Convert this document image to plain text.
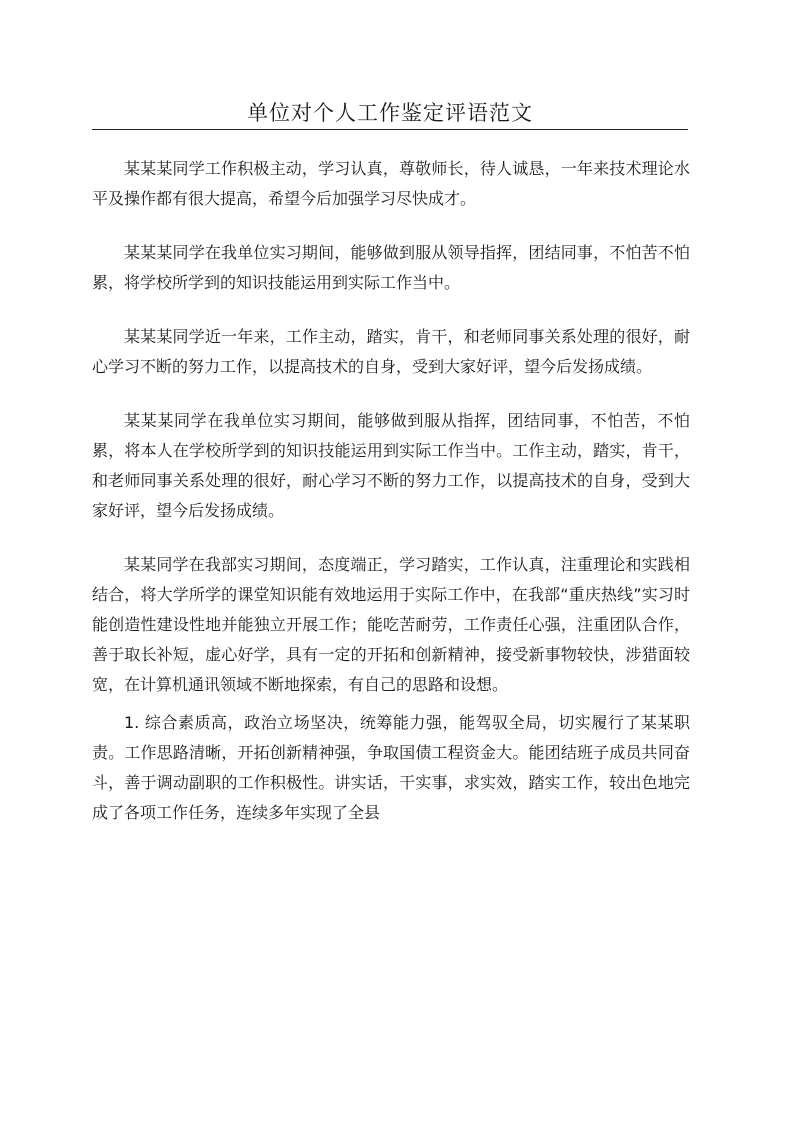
单位对个人工作鉴定评语范文

某某某同学工作积极主动，学习认真，尊敬师长，待人诚恳，一年来技术理论水平及操作都有很大提高，希望今后加强学习尽快成才。

某某某同学在我单位实习期间，能够做到服从领导指挥，团结同事，不怕苦不怕累，将学校所学到的知识技能运用到实际工作当中。

某某某同学近一年来，工作主动，踏实，肯干，和老师同事关系处理的很好，耐心学习不断的努力工作，以提高技术的自身，受到大家好评，望今后发扬成绩。

某某某同学在我单位实习期间，能够做到服从指挥，团结同事，不怕苦，不怕累，将本人在学校所学到的知识技能运用到实际工作当中。工作主动，踏实，肯干，和老师同事关系处理的很好，耐心学习不断的努力工作，以提高技术的自身，受到大家好评，望今后发扬成绩。

某某同学在我部实习期间，态度端正，学习踏实，工作认真，注重理论和实践相结合，将大学所学的课堂知识能有效地运用于实际工作中，在我部“重庆热线”实习时能创造性建设性地并能独立开展工作；能吃苦耐劳，工作责任心强，注重团队合作，善于取长补短，虚心好学，具有一定的开拓和创新精神，接受新事物较快，涉猎面较宽，在计算机通讯领域不断地探索，有自己的思路和设想。

1. 综合素质高，政治立场坚决，统筹能力强，能驾驭全局，切实履行了某某职责。工作思路清晰，开拓创新精神强，争取国债工程资金大。能团结班子成员共同奋斗，善于调动副职的工作积极性。讲实话，干实事，求实效，踏实工作，较出色地完成了各项工作任务，连续多年实现了全县
